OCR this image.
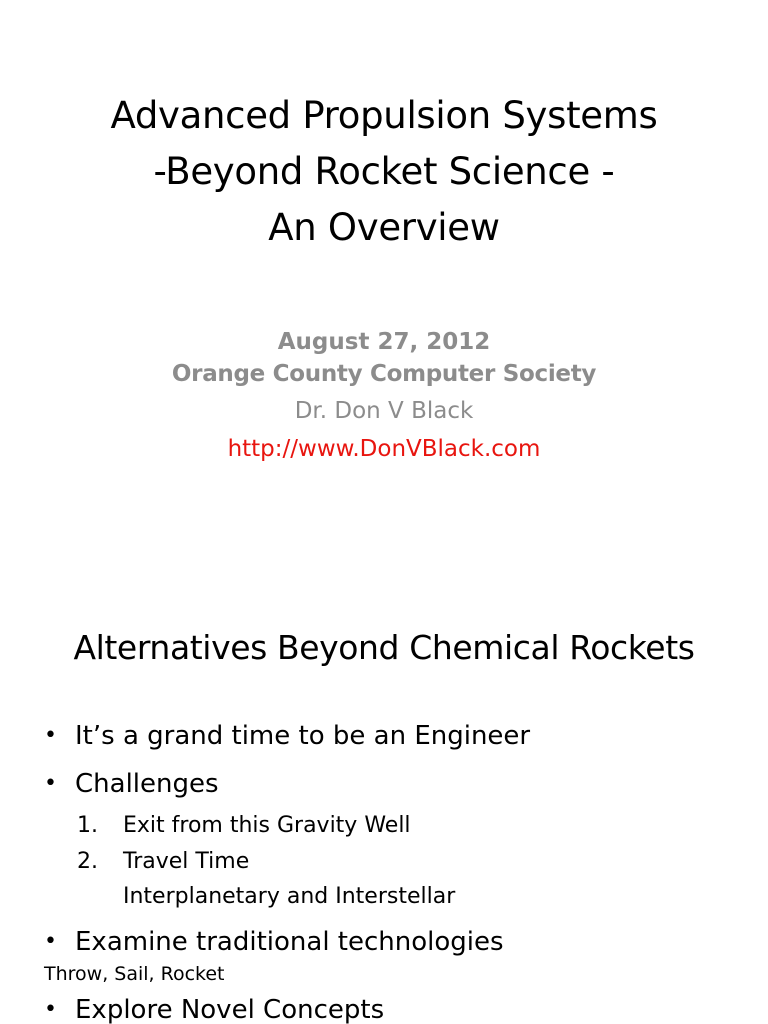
Advanced Propulsion Systems
-Beyond Rocket Science -
An Overview
August 27, 2012
Orange County Computer Society
Dr. Don V Black
http://www.DonVBlack.com
Alternatives Beyond Chemical Rockets
• It’s a grand time to be an Engineer
• Challenges
1. Exit from this Gravity Well
2. Travel Time
Interplanetary and Interstellar
• Examine traditional technologies
Throw, Sail, Rocket
• Explore Novel Concepts
